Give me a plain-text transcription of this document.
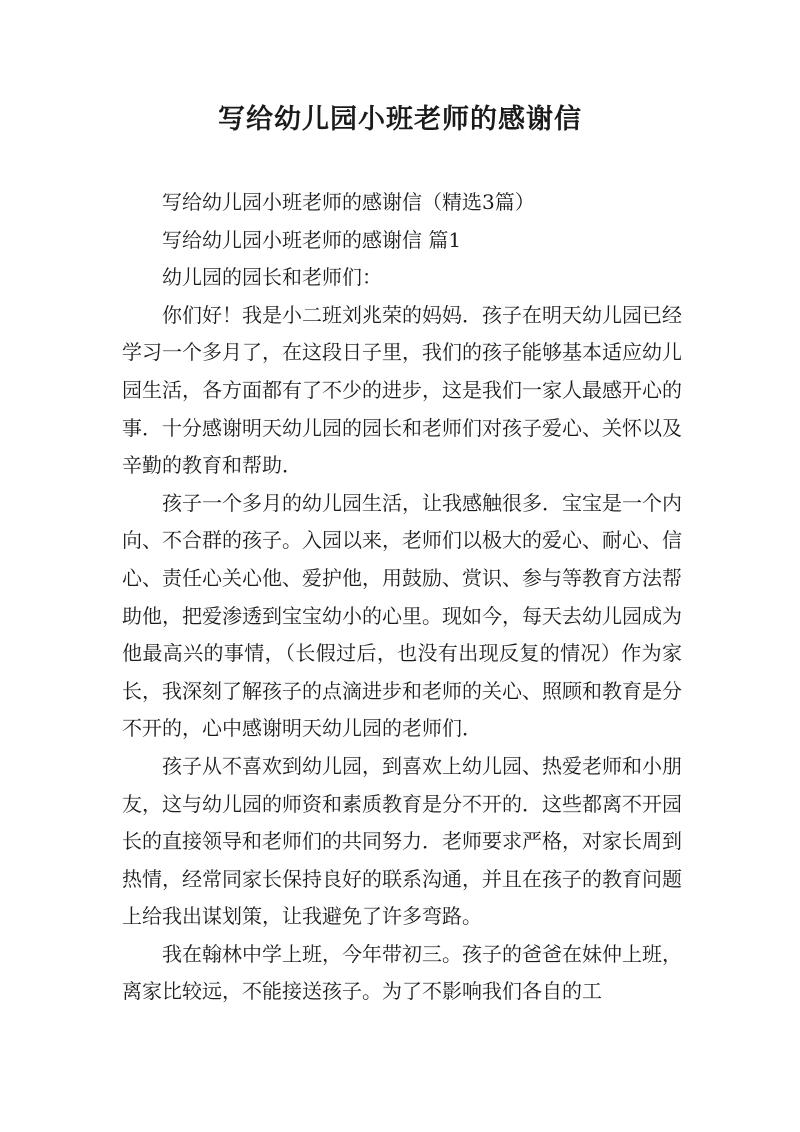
写给幼儿园小班老师的感谢信

写给幼儿园小班老师的感谢信（精选3篇）

写给幼儿园小班老师的感谢信 篇1

幼儿园的园长和老师们：

你们好！我是小二班刘兆荣的妈妈．孩子在明天幼儿园已经学习一个多月了，在这段日子里，我们的孩子能够基本适应幼儿园生活，各方面都有了不少的进步，这是我们一家人最感开心的事．十分感谢明天幼儿园的园长和老师们对孩子爱心、关怀以及辛勤的教育和帮助．

孩子一个多月的幼儿园生活，让我感触很多．宝宝是一个内向、不合群的孩子。入园以来，老师们以极大的爱心、耐心、信心、责任心关心他、爱护他，用鼓励、赏识、参与等教育方法帮助他，把爱渗透到宝宝幼小的心里。现如今，每天去幼儿园成为他最高兴的事情，（长假过后，也没有出现反复的情况）作为家长，我深刻了解孩子的点滴进步和老师的关心、照顾和教育是分不开的，心中感谢明天幼儿园的老师们．

孩子从不喜欢到幼儿园，到喜欢上幼儿园、热爱老师和小朋友，这与幼儿园的师资和素质教育是分不开的．这些都离不开园长的直接领导和老师们的共同努力．老师要求严格，对家长周到热情，经常同家长保持良好的联系沟通，并且在孩子的教育问题上给我出谋划策，让我避免了许多弯路。

我在翰林中学上班，今年带初三。孩子的爸爸在妹仲上班，离家比较远，不能接送孩子。为了不影响我们各自的工
